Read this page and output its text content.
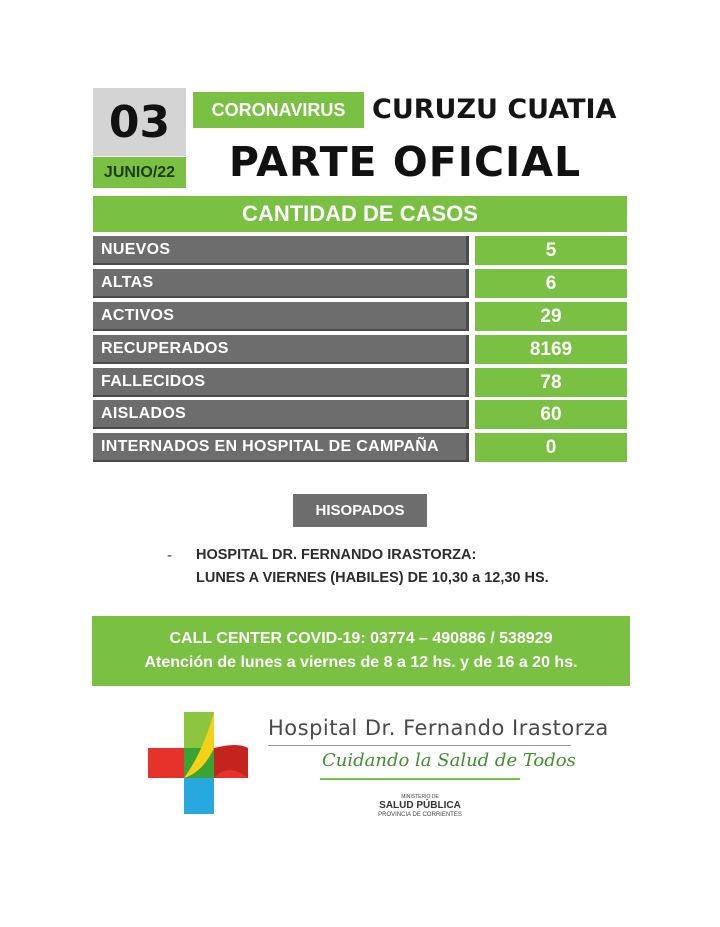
03
JUNIO/22
CORONAVIRUS CURUZU CUATIA
PARTE OFICIAL
CANTIDAD DE CASOS
NUEVOS	5
ALTAS	6
ACTIVOS	29
RECUPERADOS	8169
FALLECIDOS	78
AISLADOS	60
INTERNADOS EN HOSPITAL DE CAMPAÑA	0
HISOPADOS
- HOSPITAL DR. FERNANDO IRASTORZA:
LUNES A VIERNES (HABILES) DE 10,30 a 12,30 HS.
CALL CENTER COVID-19: 03774 – 490886 / 538929
Atención de lunes a viernes de 8 a 12 hs. y de 16 a 20 hs.
Hospital Dr. Fernando Irastorza
Cuidando la Salud de Todos
MINISTERIO DE
SALUD PÚBLICA
PROVINCIA DE CORRIENTES
